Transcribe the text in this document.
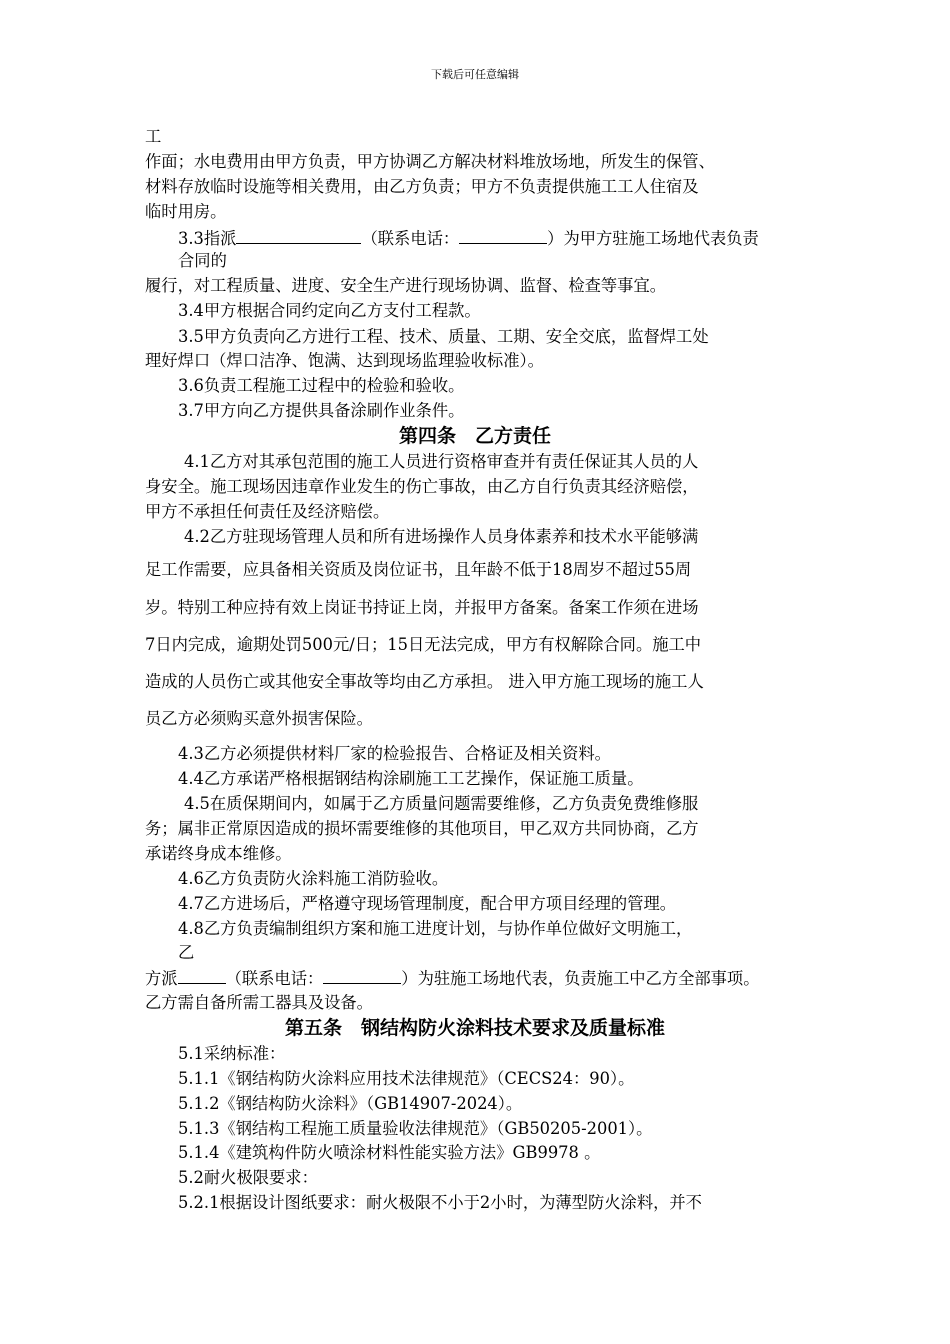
下载后可任意编辑
工
作面；水电费用由甲方负责，甲方协调乙方解决材料堆放场地，所发生的保管、
材料存放临时设施等相关费用，由乙方负责；甲方不负责提供施工工人住宿及
临时用房。
3.3指派	（联系电话：	）为甲方驻施工场地代表负责
合同的
履行，对工程质量、进度、安全生产进行现场协调、监督、检查等事宜。
3.4甲方根据合同约定向乙方支付工程款。
3.5甲方负责向乙方进行工程、技术、质量、工期、安全交底，监督焊工处
理好焊口（焊口洁净、饱满、达到现场监理验收标准）。
3.6负责工程施工过程中的检验和验收。
3.7甲方向乙方提供具备涂刷作业条件。
第四条　乙方责任
4.1乙方对其承包范围的施工人员进行资格审查并有责任保证其人员的人
身安全。施工现场因违章作业发生的伤亡事故，由乙方自行负责其经济赔偿，
甲方不承担任何责任及经济赔偿。
4.2乙方驻现场管理人员和所有进场操作人员身体素养和技术水平能够满
足工作需要，应具备相关资质及岗位证书，且年龄不低于18周岁不超过55周
岁。特别工种应持有效上岗证书持证上岗，并报甲方备案。备案工作须在进场
7日内完成，逾期处罚500元/日；15日无法完成，甲方有权解除合同。施工中
造成的人员伤亡或其他安全事故等均由乙方承担。 进入甲方施工现场的施工人
员乙方必须购买意外损害保险。
4.3乙方必须提供材料厂家的检验报告、合格证及相关资料。
4.4乙方承诺严格根据钢结构涂刷施工工艺操作，保证施工质量。
4.5在质保期间内，如属于乙方质量问题需要维修，乙方负责免费维修服
务；属非正常原因造成的损坏需要维修的其他项目，甲乙双方共同协商，乙方
承诺终身成本维修。
4.6乙方负责防火涂料施工消防验收。
4.7乙方进场后，严格遵守现场管理制度，配合甲方项目经理的管理。
4.8乙方负责编制组织方案和施工进度计划，与协作单位做好文明施工，
乙
方派	（联系电话：	）为驻施工场地代表，负责施工中乙方全部事项。
乙方需自备所需工器具及设备。
第五条　钢结构防火涂料技术要求及质量标准
5.1采纳标准：
5.1.1《钢结构防火涂料应用技术法律规范》（CECS24：90）。
5.1.2《钢结构防火涂料》（GB14907-2024）。
5.1.3《钢结构工程施工质量验收法律规范》（GB50205-2001）。
5.1.4《建筑构件防火喷涂材料性能实验方法》GB9978 。
5.2耐火极限要求：
5.2.1根据设计图纸要求：耐火极限不小于2小时，为薄型防火涂料，并不
